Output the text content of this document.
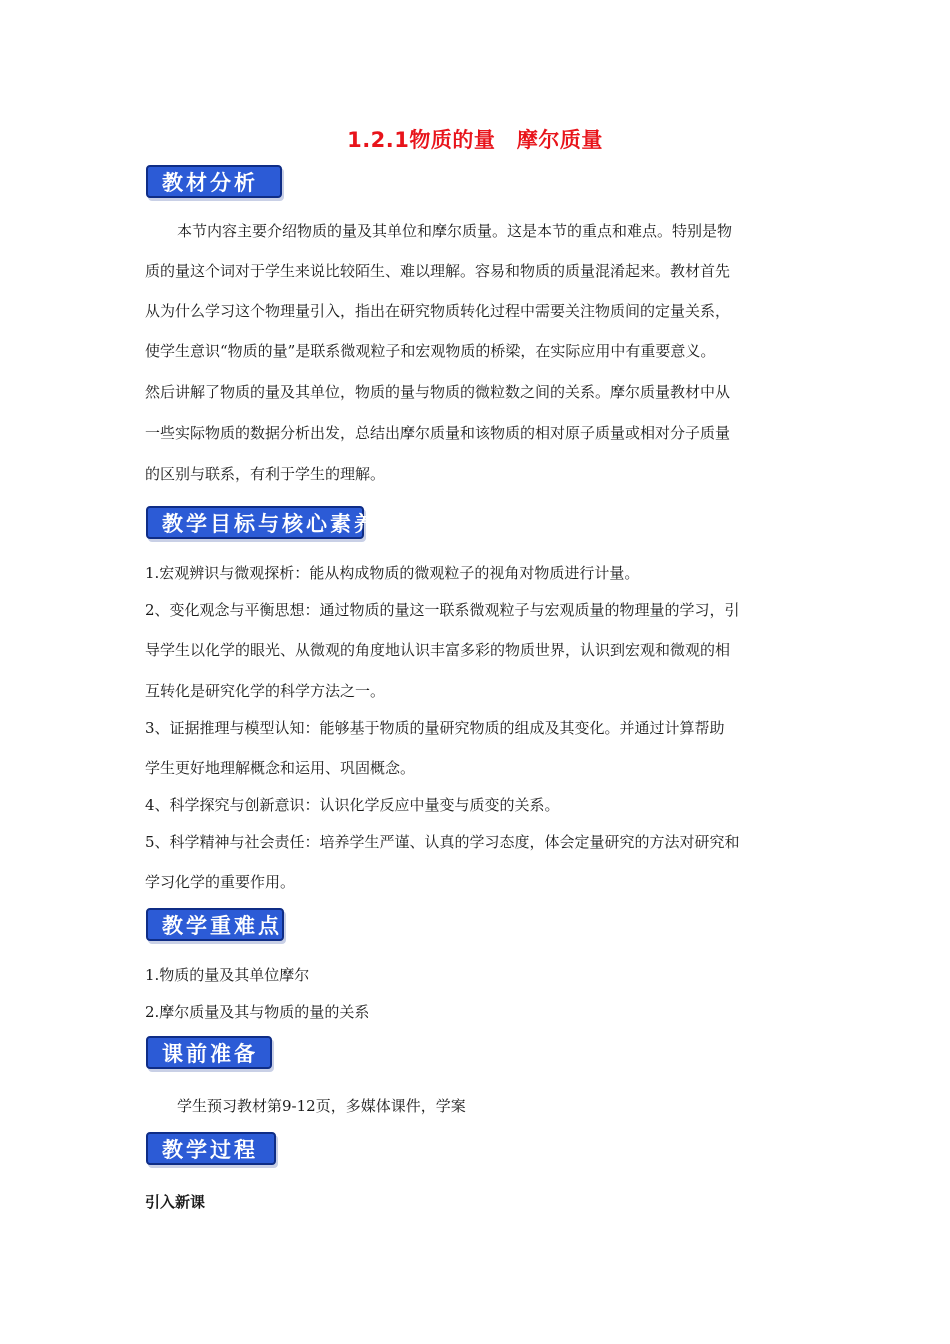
1.2.1物质的量　摩尔质量
教材分析
本节内容主要介绍物质的量及其单位和摩尔质量。这是本节的重点和难点。特别是物
质的量这个词对于学生来说比较陌生、难以理解。容易和物质的质量混淆起来。教材首先
从为什么学习这个物理量引入，指出在研究物质转化过程中需要关注物质间的定量关系，
使学生意识“物质的量”是联系微观粒子和宏观物质的桥梁，在实际应用中有重要意义。
然后讲解了物质的量及其单位，物质的量与物质的微粒数之间的关系。摩尔质量教材中从
一些实际物质的数据分析出发，总结出摩尔质量和该物质的相对原子质量或相对分子质量
的区别与联系，有利于学生的理解。
教学目标与核心素养
1.宏观辨识与微观探析：能从构成物质的微观粒子的视角对物质进行计量。
2、变化观念与平衡思想：通过物质的量这一联系微观粒子与宏观质量的物理量的学习，引
导学生以化学的眼光、从微观的角度地认识丰富多彩的物质世界，认识到宏观和微观的相
互转化是研究化学的科学方法之一。
3、证据推理与模型认知：能够基于物质的量研究物质的组成及其变化。并通过计算帮助
学生更好地理解概念和运用、巩固概念。
4、科学探究与创新意识：认识化学反应中量变与质变的关系。
5、科学精神与社会责任：培养学生严谨、认真的学习态度，体会定量研究的方法对研究和
学习化学的重要作用。
教学重难点
1.物质的量及其单位摩尔
2.摩尔质量及其与物质的量的关系
课前准备
学生预习教材第9-12页，多媒体课件，学案
教学过程
引入新课
